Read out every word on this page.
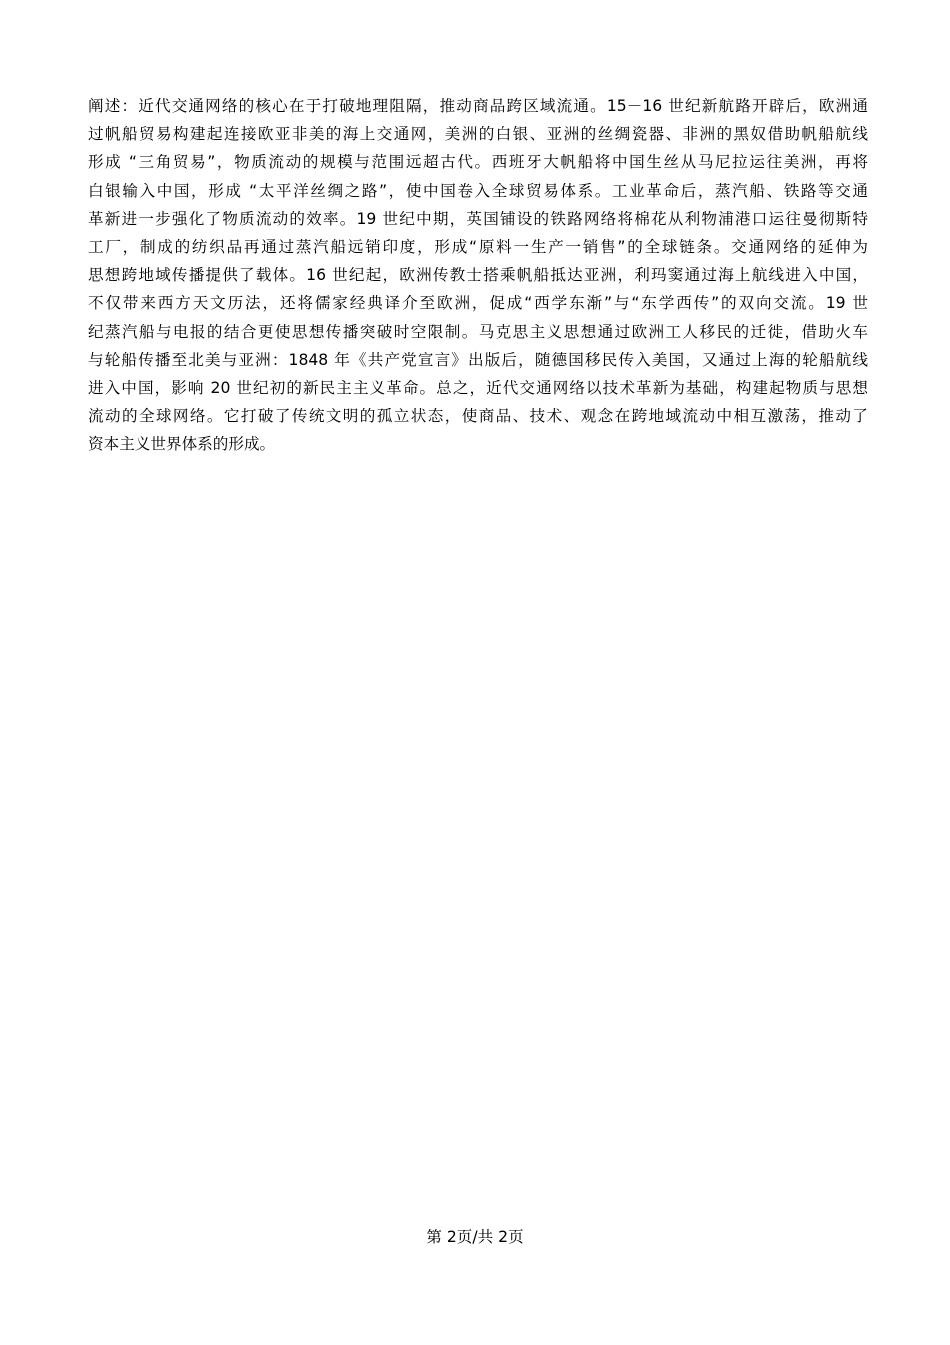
阐述：近代交通网络的核心在于打破地理阻隔，推动商品跨区域流通。15－16 世纪新航路开辟后，欧洲通
过帆船贸易构建起连接欧亚非美的海上交通网，美洲的白银、亚洲的丝绸瓷器、非洲的黑奴借助帆船航线
形成 “三角贸易”，物质流动的规模与范围远超古代。西班牙大帆船将中国生丝从马尼拉运往美洲，再将
白银输入中国，形成 “太平洋丝绸之路”，使中国卷入全球贸易体系。工业革命后，蒸汽船、铁路等交通
革新进一步强化了物质流动的效率。19 世纪中期，英国铺设的铁路网络将棉花从利物浦港口运往曼彻斯特
工厂，制成的纺织品再通过蒸汽船远销印度，形成“原料一生产一销售”的全球链条。交通网络的延伸为
思想跨地域传播提供了载体。16 世纪起，欧洲传教士搭乘帆船抵达亚洲，利玛窦通过海上航线进入中国，
不仅带来西方天文历法，还将儒家经典译介至欧洲，促成“西学东渐”与“东学西传”的双向交流。19 世
纪蒸汽船与电报的结合更使思想传播突破时空限制。马克思主义思想通过欧洲工人移民的迁徙，借助火车
与轮船传播至北美与亚洲：1848 年《共产党宣言》出版后，随德国移民传入美国，又通过上海的轮船航线
进入中国，影响 20 世纪初的新民主主义革命。总之，近代交通网络以技术革新为基础，构建起物质与思想
流动的全球网络。它打破了传统文明的孤立状态，使商品、技术、观念在跨地域流动中相互激荡，推动了
资本主义世界体系的形成。
第 2页/共 2页
